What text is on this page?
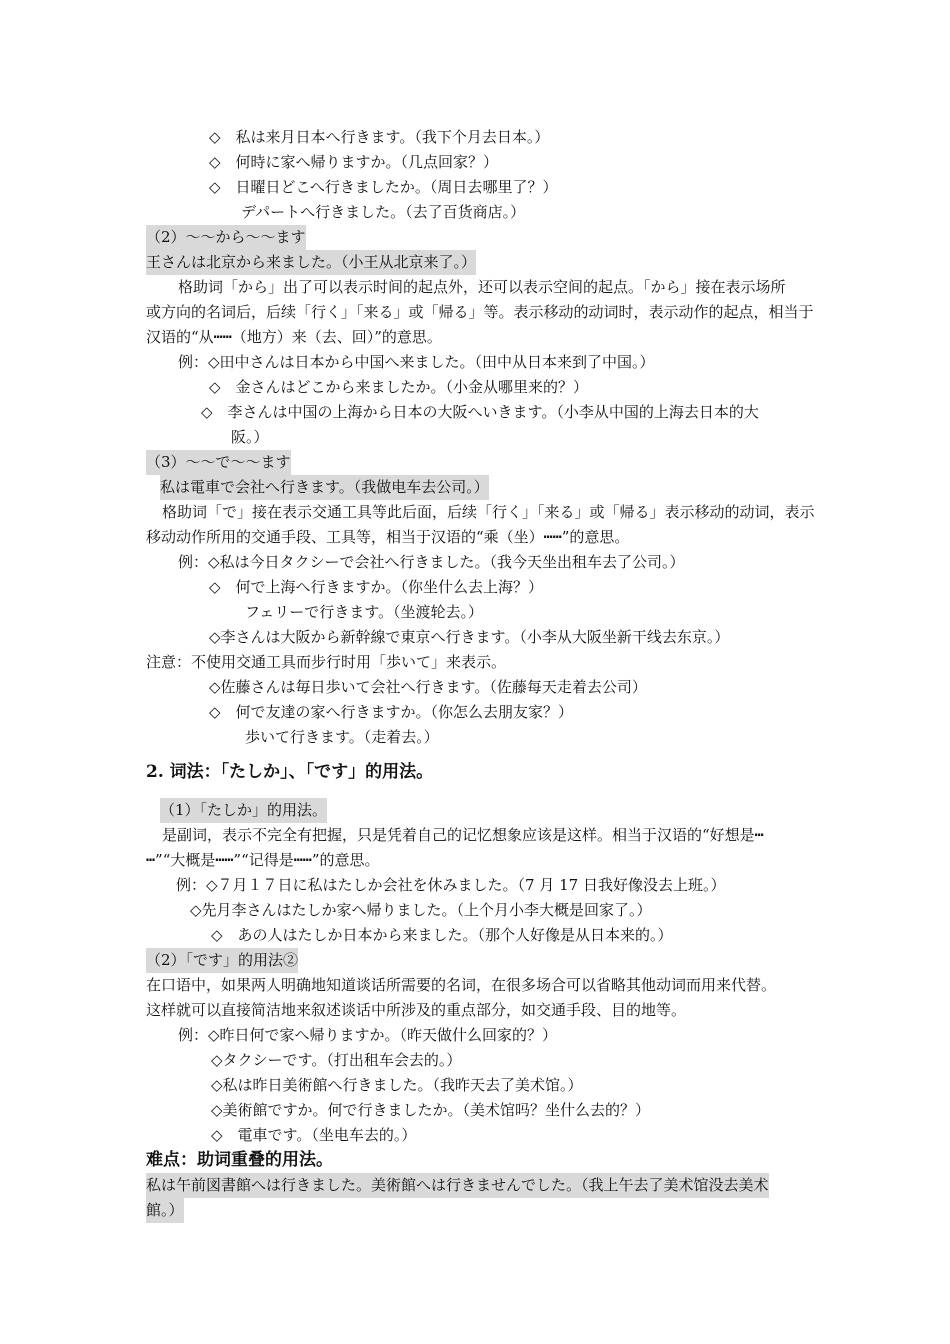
◇　私は来月日本へ行きます。（我下个月去日本。）
◇　何時に家へ帰りますか。（几点回家？）
◇　日曜日どこへ行きましたか。（周日去哪里了？）
デパートへ行きました。（去了百货商店。）
（2）～～から～～ます
王さんは北京から来ました。（小王从北京来了。）
格助词「から」出了可以表示时间的起点外，还可以表示空间的起点。「から」接在表示场所
或方向的名词后，后续「行く」「来る」或「帰る」等。表示移动的动词时，表示动作的起点，相当于
汉语的“从┅┅（地方）来（去、回）”的意思。
例：◇田中さんは日本から中国へ来ました。（田中从日本来到了中国。）
◇　金さんはどこから来ましたか。（小金从哪里来的？）
◇　李さんは中国の上海から日本の大阪へいきます。（小李从中国的上海去日本的大
阪。）
（3）～～で～～ます
私は電車で会社へ行きます。（我做电车去公司。）
格助词「で」接在表示交通工具等此后面，后续「行く」「来る」或「帰る」表示移动的动词，表示
移动动作所用的交通手段、工具等，相当于汉语的“乘（坐）┅┅”的意思。
例：◇私は今日タクシーで会社へ行きました。（我今天坐出租车去了公司。）
◇　何で上海へ行きますか。（你坐什么去上海？）
フェリーで行きます。（坐渡轮去。）
◇李さんは大阪から新幹線で東京へ行きます。（小李从大阪坐新干线去东京。）
注意：不使用交通工具而步行时用「歩いて」来表示。
◇佐藤さんは毎日歩いて会社へ行きます。（佐藤每天走着去公司）
◇　何で友達の家へ行きますか。（你怎么去朋友家？）
歩いて行きます。（走着去。）
2. 词法：「たしか」、「です」的用法。
（1）「たしか」的用法。
是副词，表示不完全有把握，只是凭着自己的记忆想象应该是这样。相当于汉语的“好想是┅
┅”“大概是┅┅”“记得是┅┅”的意思。
例：◇７月１７日に私はたしか会社を休みました。（7 月 17 日我好像没去上班。）
◇先月李さんはたしか家へ帰りました。（上个月小李大概是回家了。）
◇　あの人はたしか日本から来ました。（那个人好像是从日本来的。）
（2）「です」的用法②
在口语中，如果两人明确地知道谈话所需要的名词，在很多场合可以省略其他动词而用来代替。
这样就可以直接简洁地来叙述谈话中所涉及的重点部分，如交通手段、目的地等。
例：◇昨日何で家へ帰りますか。（昨天做什么回家的？）
◇タクシーです。（打出租车会去的。）
◇私は昨日美術館へ行きました。（我昨天去了美术馆。）
◇美術館ですか。何で行きましたか。（美术馆吗？坐什么去的？）
◇　電車です。（坐电车去的。）
难点：助词重叠的用法。
私は午前図書館へは行きました。美術館へは行きませんでした。（我上午去了美术馆没去美术
館。）
